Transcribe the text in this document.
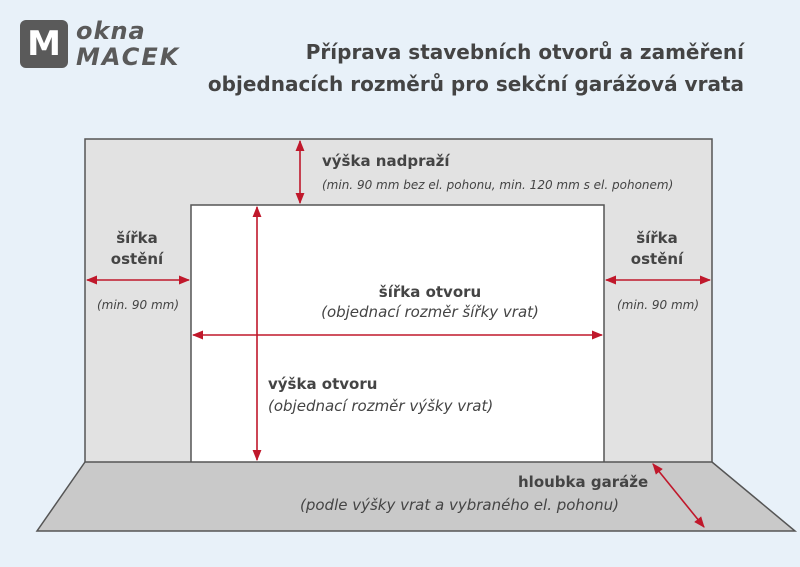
M okna
MACEK	Příprava stavebních otvorů a zaměření
objednacích rozměrů pro sekční garážová vrata
výška nadpraží
(min. 90 mm bez el. pohonu, min. 120 mm s el. pohonem)
šířka
ostění
(min. 90 mm)
šířka
ostění
(min. 90 mm)
šířka otvoru
(objednací rozměr šířky vrat)
výška otvoru
(objednací rozměr výšky vrat)
hloubka garáže
(podle výšky vrat a vybraného el. pohonu)
